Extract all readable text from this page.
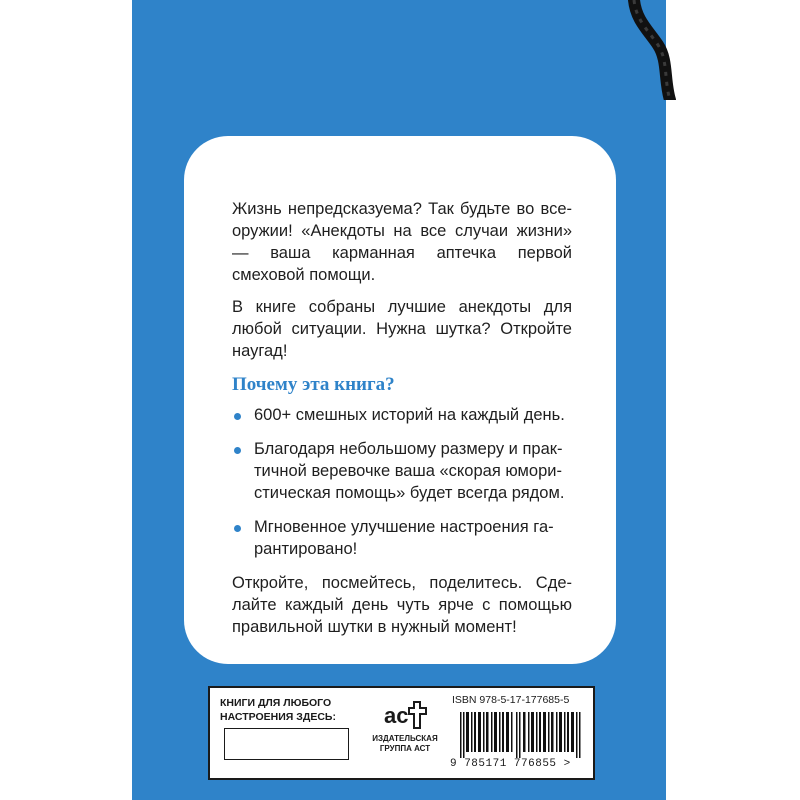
Жизнь непредсказуема? Так будьте во все-оружии! «Анекдоты на все случаи жизни» — ваша карманная аптечка первой смеховой помощи.

В книге собраны лучшие анекдоты для любой ситуации. Нужна шутка? Откройте наугад!

Почему эта книга?
600+ смешных историй на каждый день.
Благодаря небольшому размеру и прак-тичной веревочке ваша «скорая юмори-стическая помощь» будет всегда рядом.
Мгновенное улучшение настроения га-рантировано!

Откройте, посмейтесь, поделитесь. Сде-лайте каждый день чуть ярче с помощью правильной шутки в нужный момент!

КНИГИ ДЛЯ ЛЮБОГО НАСТРОЕНИЯ ЗДЕСЬ:	ас
ИЗДАТЕЛЬСКАЯ ГРУППА АСТ
ISBN 978-5-17-177685-5
9 785171 776855 >
